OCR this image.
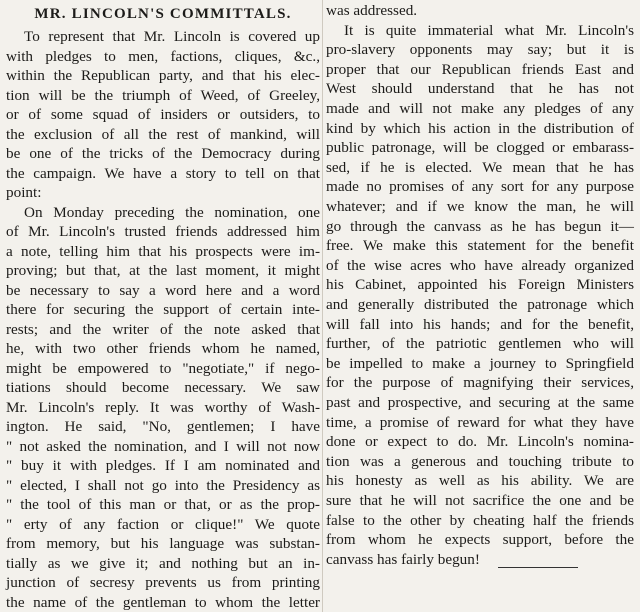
MR. LINCOLN'S COMMITTALS.
To represent that Mr. Lincoln is covered up
with pledges to men, factions, cliques, &c.,
within the Republican party, and that his elec-
tion will be the triumph of Weed, of Greeley,
or of some squad of insiders or outsiders, to
the exclusion of all the rest of mankind, will
be one of the tricks of the Democracy during
the campaign. We have a story to tell on that
point:
On Monday preceding the nomination, one
of Mr. Lincoln's trusted friends addressed him
a note, telling him that his prospects were im-
proving; but that, at the last moment, it might
be necessary to say a word here and a word
there for securing the support of certain inte-
rests; and the writer of the note asked that
he, with two other friends whom he named,
might be empowered to "negotiate," if nego-
tiations should become necessary. We saw
Mr. Lincoln's reply. It was worthy of Wash-
ington. He said, "No, gentlemen; I have
" not asked the nomination, and I will not now
" buy it with pledges. If I am nominated and
" elected, I shall not go into the Presidency as
" the tool of this man or that, or as the prop-
" erty of any faction or clique!" We quote
from memory, but his language was substan-
tially as we give it; and nothing but an in-
junction of secresy prevents us from printing
the name of the gentleman to whom the letter
was addressed.
It is quite immaterial what Mr. Lincoln's
pro-slavery opponents may say; but it is
proper that our Republican friends East and
West should understand that he has not
made and will not make any pledges of any
kind by which his action in the distribution of
public patronage, will be clogged or embarass-
sed, if he is elected. We mean that he has
made no promises of any sort for any purpose
whatever; and if we know the man, he will
go through the canvass as he has begun it—
free. We make this statement for the benefit
of the wise acres who have already organized
his Cabinet, appointed his Foreign Ministers
and generally distributed the patronage which
will fall into his hands; and for the benefit,
further, of the patriotic gentlemen who will
be impelled to make a journey to Springfield
for the purpose of magnifying their services,
past and prospective, and securing at the same
time, a promise of reward for what they have
done or expect to do. Mr. Lincoln's nomina-
tion was a generous and touching tribute to
his honesty as well as his ability. We are
sure that he will not sacrifice the one and be
false to the other by cheating half the friends
from whom he expects support, before the
canvass has fairly begun!
